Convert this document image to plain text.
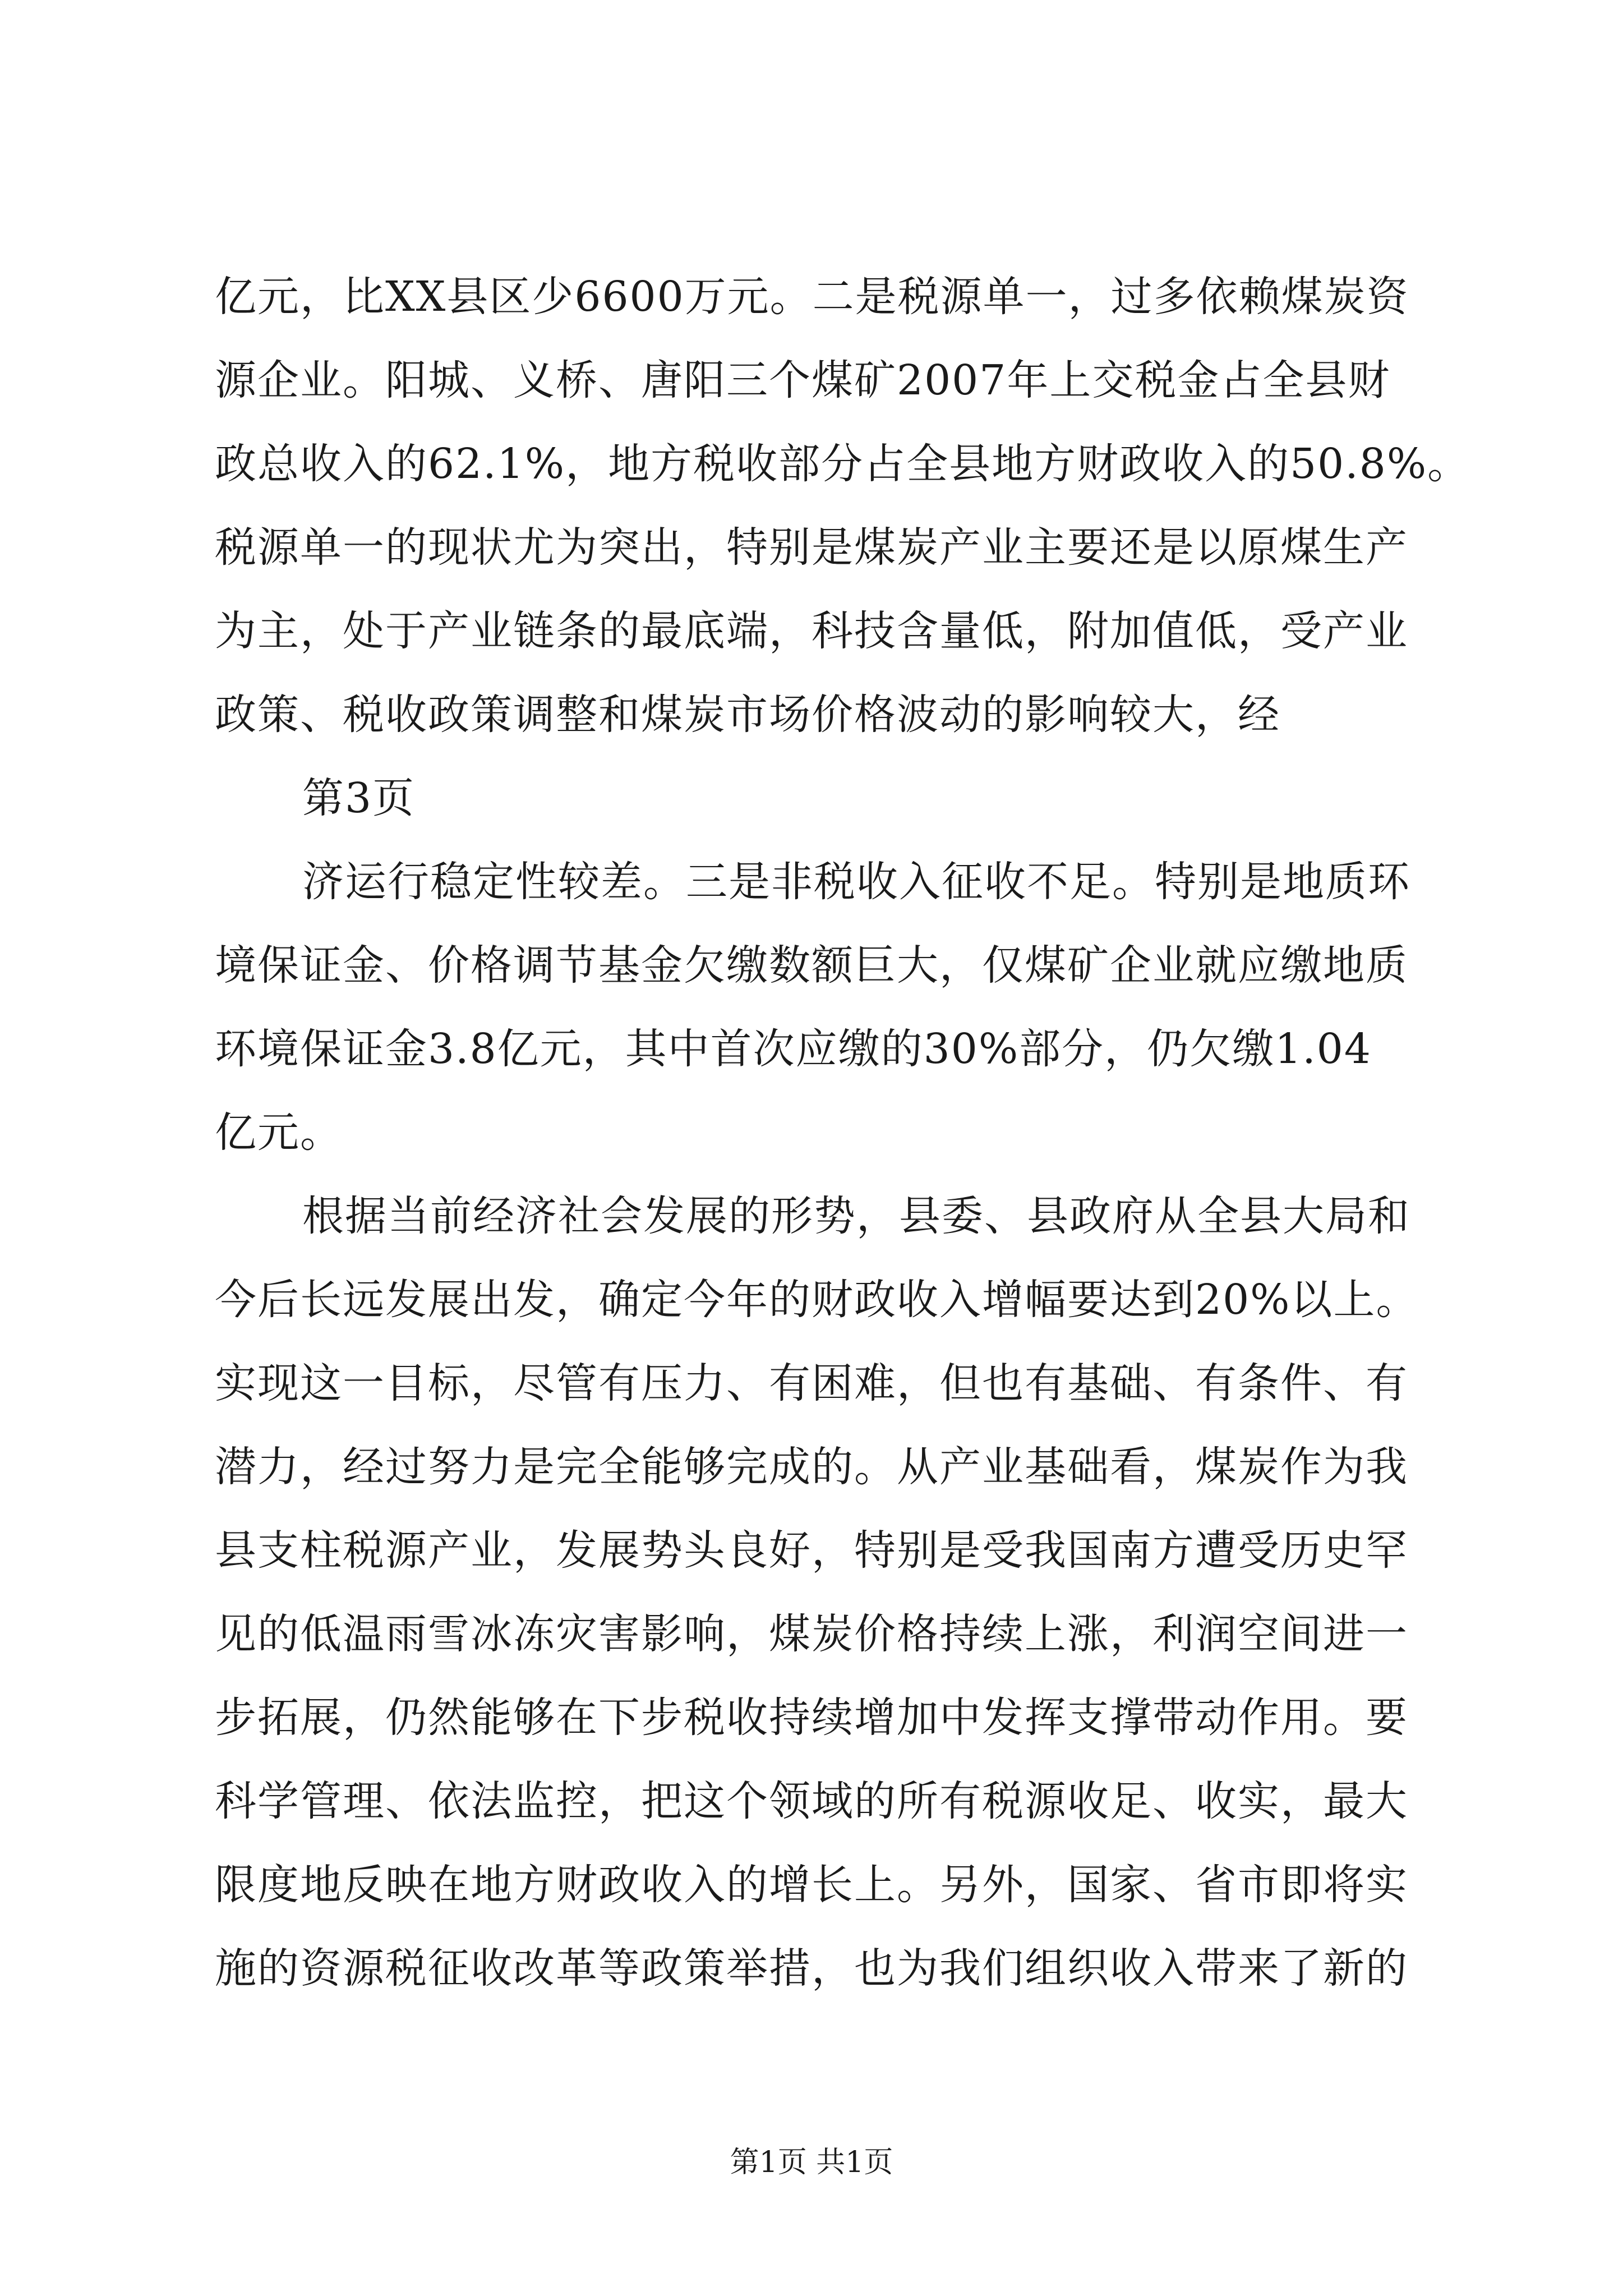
亿元，比XX县区少6600万元。二是税源单一，过多依赖煤炭资
源企业。阳城、义桥、唐阳三个煤矿2007年上交税金占全县财
政总收入的62.1%，地方税收部分占全县地方财政收入的50.8%。
税源单一的现状尤为突出，特别是煤炭产业主要还是以原煤生产
为主，处于产业链条的最底端，科技含量低，附加值低，受产业
政策、税收政策调整和煤炭市场价格波动的影响较大，经
第3页
济运行稳定性较差。三是非税收入征收不足。特别是地质环
境保证金、价格调节基金欠缴数额巨大，仅煤矿企业就应缴地质
环境保证金3.8亿元，其中首次应缴的30%部分，仍欠缴1.04
亿元。
根据当前经济社会发展的形势，县委、县政府从全县大局和
今后长远发展出发，确定今年的财政收入增幅要达到20%以上。
实现这一目标，尽管有压力、有困难，但也有基础、有条件、有
潜力，经过努力是完全能够完成的。从产业基础看，煤炭作为我
县支柱税源产业，发展势头良好，特别是受我国南方遭受历史罕
见的低温雨雪冰冻灾害影响，煤炭价格持续上涨，利润空间进一
步拓展，仍然能够在下步税收持续增加中发挥支撑带动作用。要
科学管理、依法监控，把这个领域的所有税源收足、收实，最大
限度地反映在地方财政收入的增长上。另外，国家、省市即将实
施的资源税征收改革等政策举措，也为我们组织收入带来了新的
第1页 共1页
